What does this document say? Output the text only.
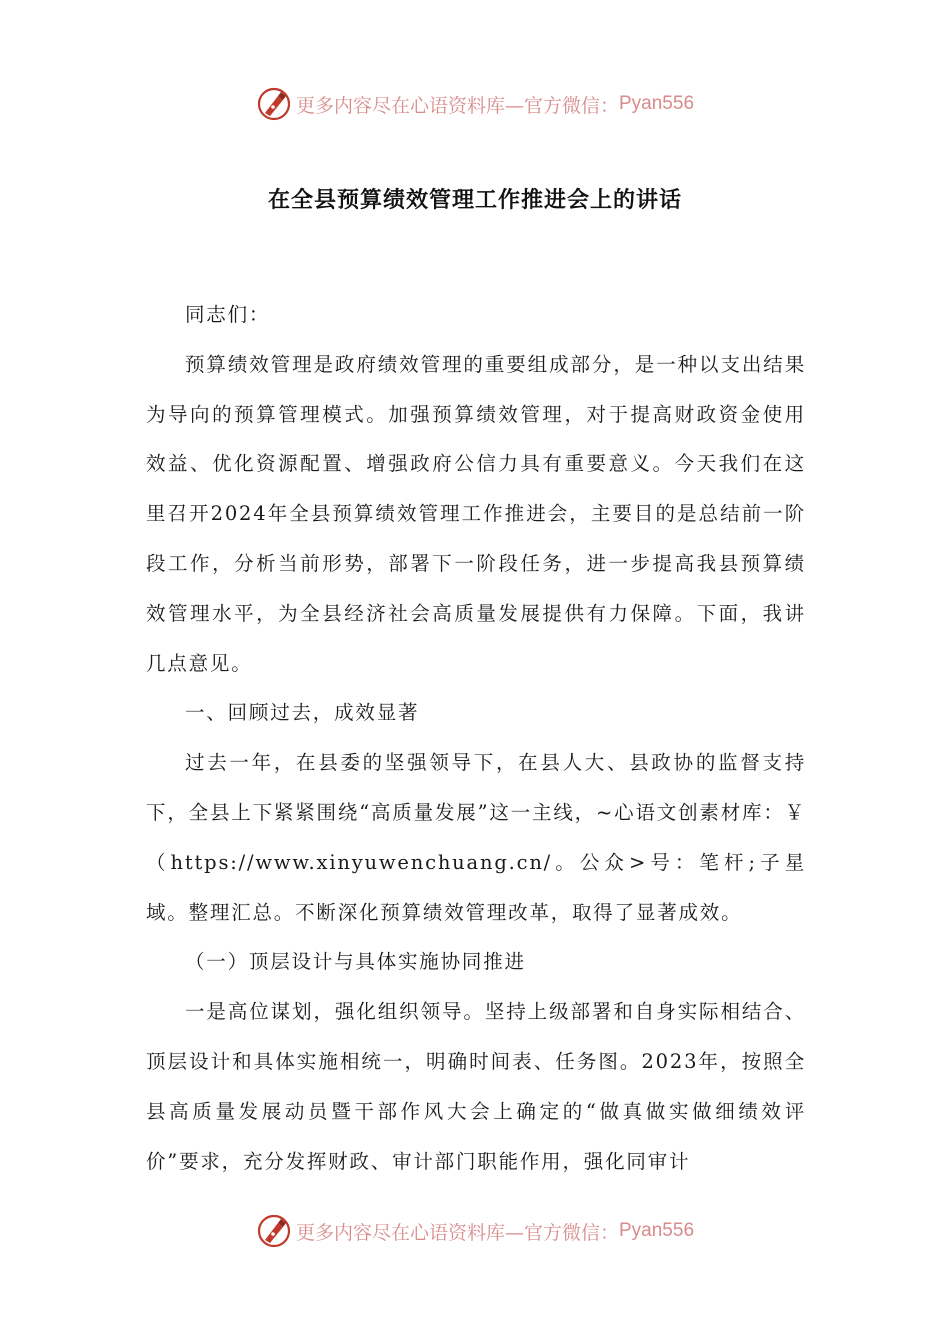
更多内容尽在心语资料库—官方微信： Pyan556
在全县预算绩效管理工作推进会上的讲话

同志们：

预算绩效管理是政府绩效管理的重要组成部分，是一种以支出结果为导向的预算管理模式。加强预算绩效管理，对于提高财政资金使用效益、优化资源配置、增强政府公信力具有重要意义。今天我们在这里召开2024年全县预算绩效管理工作推进会，主要目的是总结前一阶段工作，分析当前形势，部署下一阶段任务，进一步提高我县预算绩效管理水平，为全县经济社会高质量发展提供有力保障。下面，我讲几点意见。

一、回顾过去，成效显著

过去一年，在县委的坚强领导下，在县人大、县政协的监督支持下，全县上下紧紧围绕“高质量发展”这一主线，~心语文创素材库：￥（https://www.xinyuwenchuang.cn/。公众>号：笔杆;子星域。整理汇总。不断深化预算绩效管理改革，取得了显著成效。

（一）顶层设计与具体实施协同推进

一是高位谋划，强化组织领导。坚持上级部署和自身实际相结合、顶层设计和具体实施相统一，明确时间表、任务图。2023年，按照全县高质量发展动员暨干部作风大会上确定的“做真做实做细绩效评价”要求，充分发挥财政、审计部门职能作用，强化同审计

更多内容尽在心语资料库—官方微信： Pyan556
